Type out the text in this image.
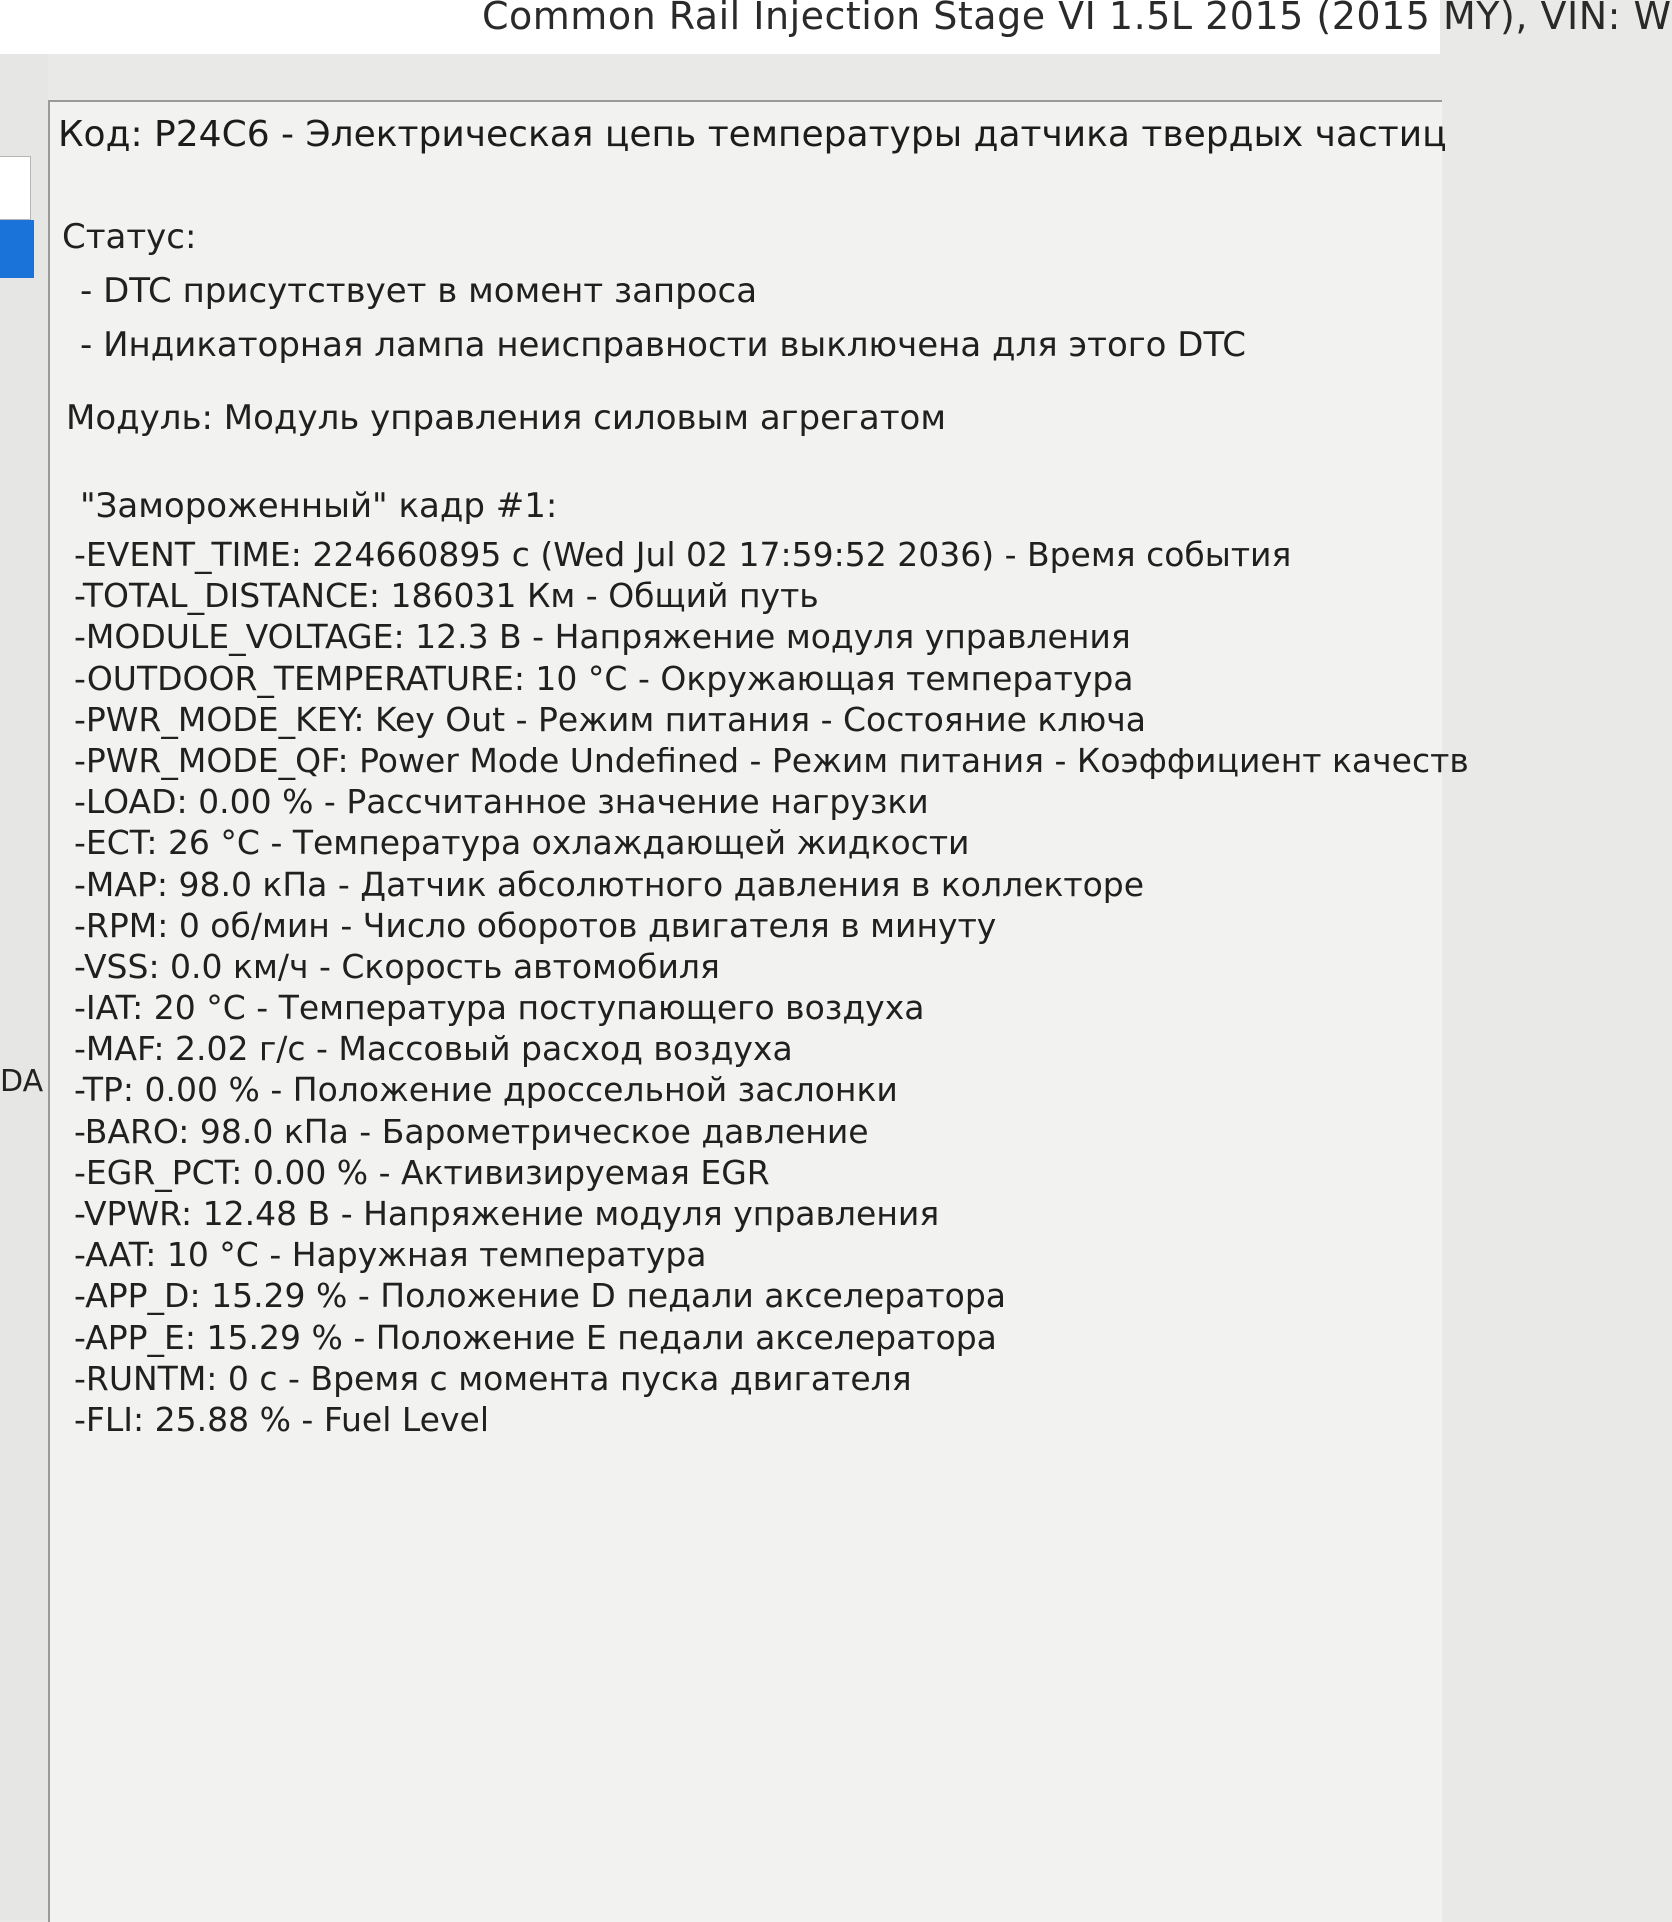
Common Rail Injection Stage VI 1.5L 2015 (2015 MY), VIN: W
DA
Код: P24C6 - Электрическая цепь температуры датчика твердых частиц
Статус:
- DTC присутствует в момент запроса
- Индикаторная лампа неисправности выключена для этого DTC
Модуль: Модуль управления силовым агрегатом
"Замороженный" кадр #1:
-EVENT_TIME: 224660895 с (Wed Jul 02 17:59:52 2036) - Время события
-TOTAL_DISTANCE: 186031 Км - Общий путь
-MODULE_VOLTAGE: 12.3 В - Напряжение модуля управления
-OUTDOOR_TEMPERATURE: 10 °C - Окружающая температура
-PWR_MODE_KEY: Key Out - Режим питания - Состояние ключа
-PWR_MODE_QF: Power Mode Undefined - Режим питания - Коэффициент качеств
-LOAD: 0.00 % - Рассчитанное значение нагрузки
-ECT: 26 °C - Температура охлаждающей жидкости
-MAP: 98.0 кПа - Датчик абсолютного давления в коллекторе
-RPM: 0 об/мин - Число оборотов двигателя в минуту
-VSS: 0.0 км/ч - Скорость автомобиля
-IAT: 20 °C - Температура поступающего воздуха
-MAF: 2.02 г/с - Массовый расход воздуха
-TP: 0.00 % - Положение дроссельной заслонки
-BARO: 98.0 кПа - Барометрическое давление
-EGR_PCT: 0.00 % - Активизируемая EGR
-VPWR: 12.48 В - Напряжение модуля управления
-AAT: 10 °C - Наружная температура
-APP_D: 15.29 % - Положение D педали акселератора
-APP_E: 15.29 % - Положение E педали акселератора
-RUNTM: 0 с - Время с момента пуска двигателя
-FLI: 25.88 % - Fuel Level
